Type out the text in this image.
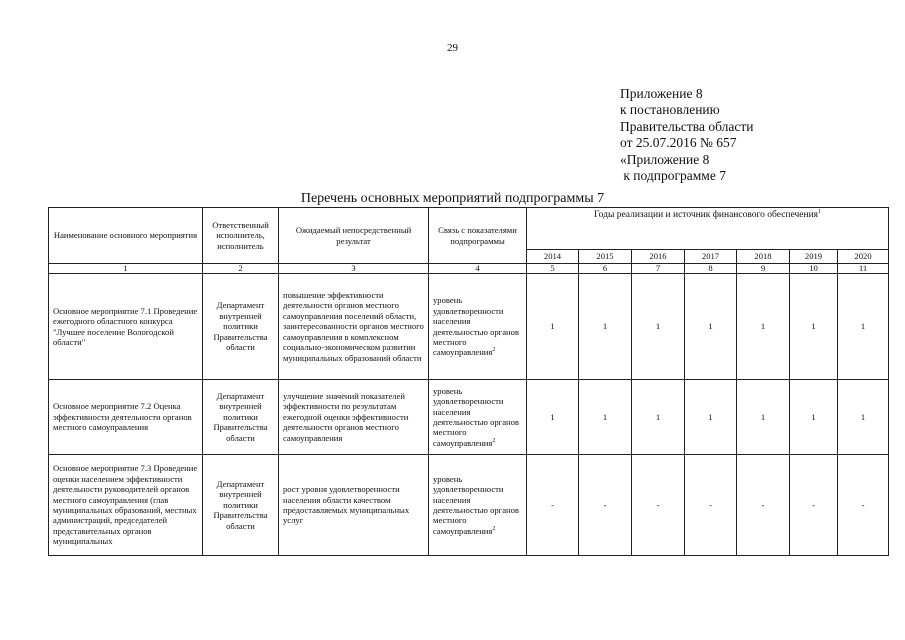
29
Приложение 8
к постановлению
Правительства области
от 25.07.2016 № 657
«Приложение 8
к подпрограмме 7
Перечень основных мероприятий подпрограммы 7
Наименование основного мероприятия	Ответственный исполнитель, исполнитель	Ожидаемый непосредственный результат	Связь с показателями подпрограммы	Годы реализации и источник финансового обеспечения$^1$
				2014	2015	2016	2017	2018	2019	2020
1	2	3	4	5	6	7	8	9	10	11
Основное мероприятие 7.1 Проведение ежегодного областного конкурса "Лучшее поселение Вологодской области"	Департамент внутренней политики Правительства области	повышение эффективности деятельности органов местного самоуправления поселений области, заинтересованности органов местного самоуправления в комплексном социально-экономическом развитии муниципальных образований области	уровень удовлетворенности населения деятельностью органов местного самоуправления$^2$	1	1	1	1	1	1	1
Основное мероприятие 7.2 Оценка эффективности деятельности органов местного самоуправления	Департамент внутренней политики Правительства области	улучшение значений показателей эффективности по результатам ежегодной оценки эффективности деятельности органов местного самоуправления	уровень удовлетворенности населения деятельностью органов местного самоуправления$^2$	1	1	1	1	1	1	1
Основное мероприятие 7.3 Проведение оценки населением эффективности деятельности руководителей органов местного самоуправления (глав муниципальных образований, местных администраций, председателей представительных органов муниципальных	Департамент внутренней политики Правительства области	рост уровня удовлетворенности населения области качеством предоставляемых муниципальных услуг	уровень удовлетворенности населения деятельностью органов местного самоуправления$^2$	-	-	-	-	-	-	-
